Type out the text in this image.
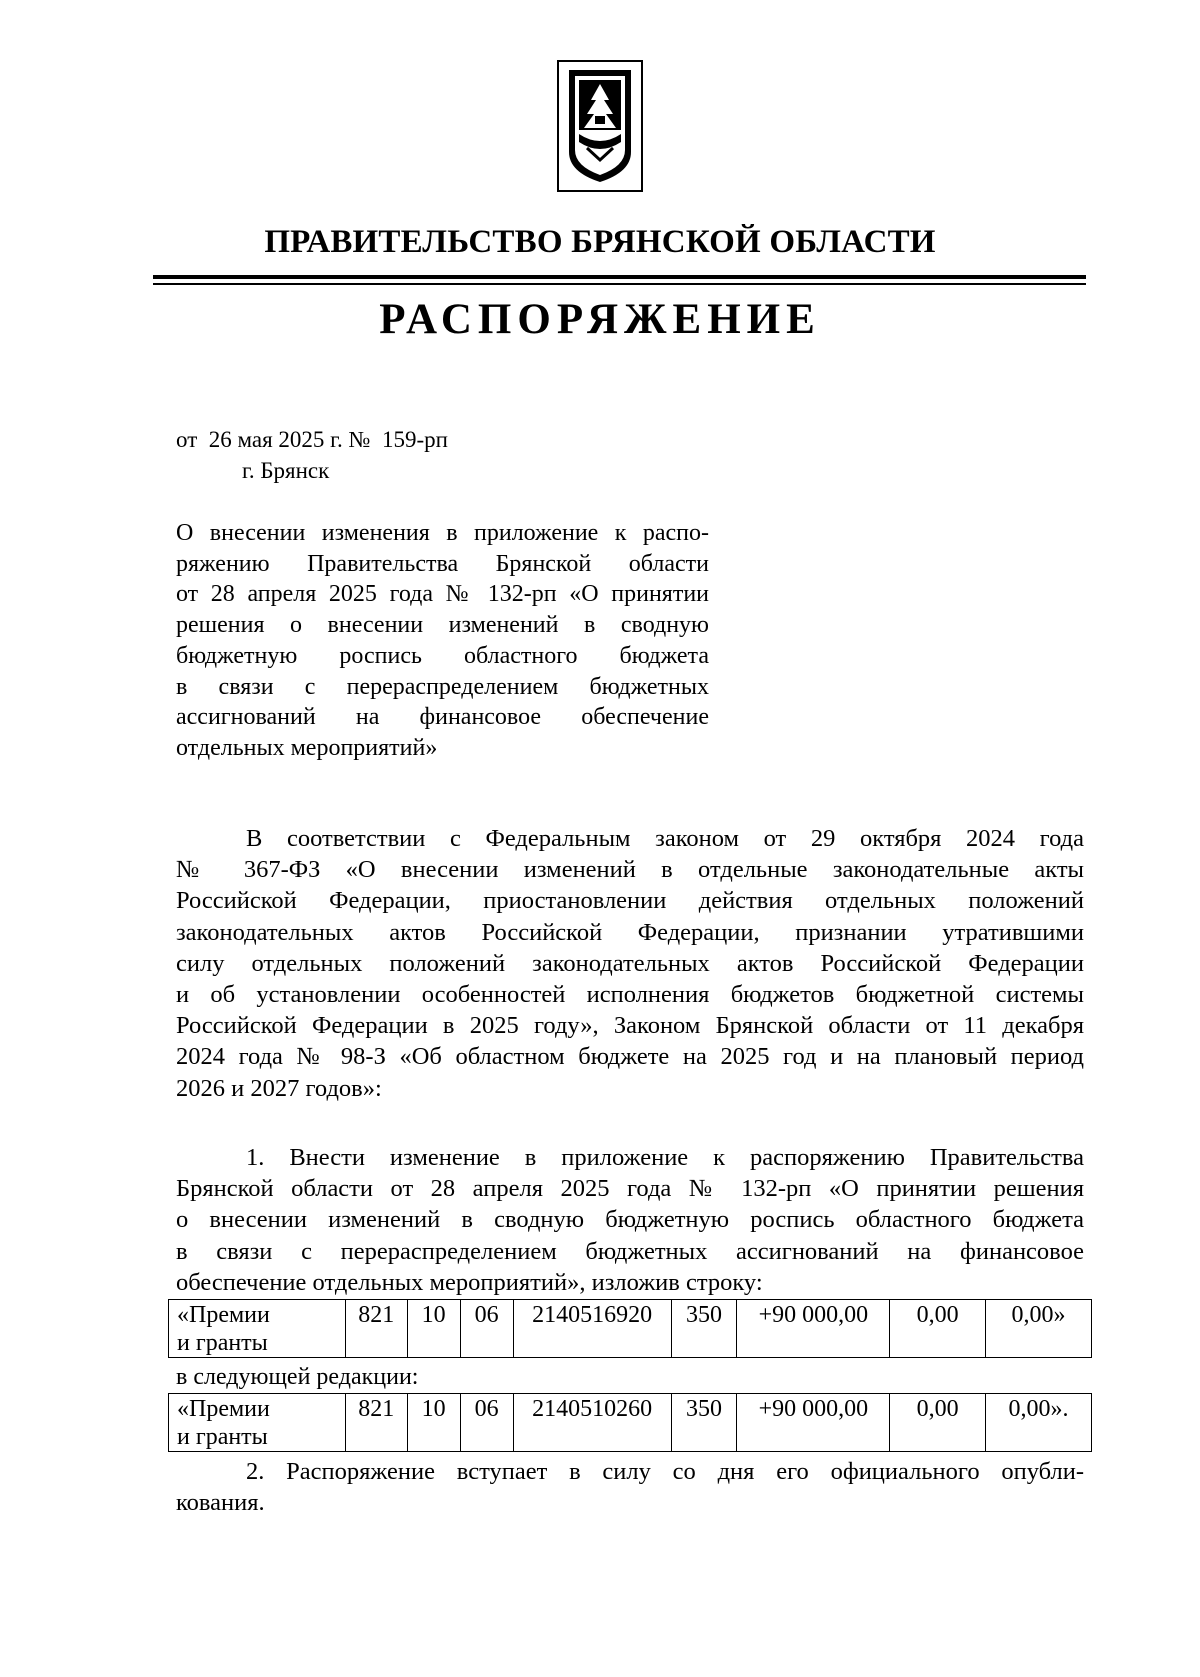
ПРАВИТЕЛЬСТВО БРЯНСКОЙ ОБЛАСТИ
РАСПОРЯЖЕНИЕ
от  26 мая 2025 г. №  159-рп
г. Брянск
О внесении изменения в приложение к распо-
ряжению Правительства Брянской области
от 28 апреля 2025 года № 132-рп «О принятии
решения о внесении изменений в сводную
бюджетную роспись областного бюджета
в связи с перераспределением бюджетных
ассигнований на финансовое обеспечение
отдельных мероприятий»
В соответствии с Федеральным законом от 29 октября 2024 года
№ 367-ФЗ «О внесении изменений в отдельные законодательные акты
Российской Федерации, приостановлении действия отдельных положений
законодательных актов Российской Федерации, признании утратившими
силу отдельных положений законодательных актов Российской Федерации
и об установлении особенностей исполнения бюджетов бюджетной системы
Российской Федерации в 2025 году», Законом Брянской области от 11 декабря
2024 года № 98-З «Об областном бюджете на 2025 год и на плановый период
2026 и 2027 годов»:
1. Внести изменение в приложение к распоряжению Правительства
Брянской области от 28 апреля 2025 года № 132-рп «О принятии решения
о внесении изменений в сводную бюджетную роспись областного бюджета
в связи с перераспределением бюджетных ассигнований на финансовое
обеспечение отдельных мероприятий», изложив строку:
«Премии
и гранты	821	10	06	2140516920	350	+90 000,00	0,00	0,00»
в следующей редакции:
«Премии
и гранты	821	10	06	2140510260	350	+90 000,00	0,00	0,00».
2. Распоряжение вступает в силу со дня его официального опубли-
кования.
